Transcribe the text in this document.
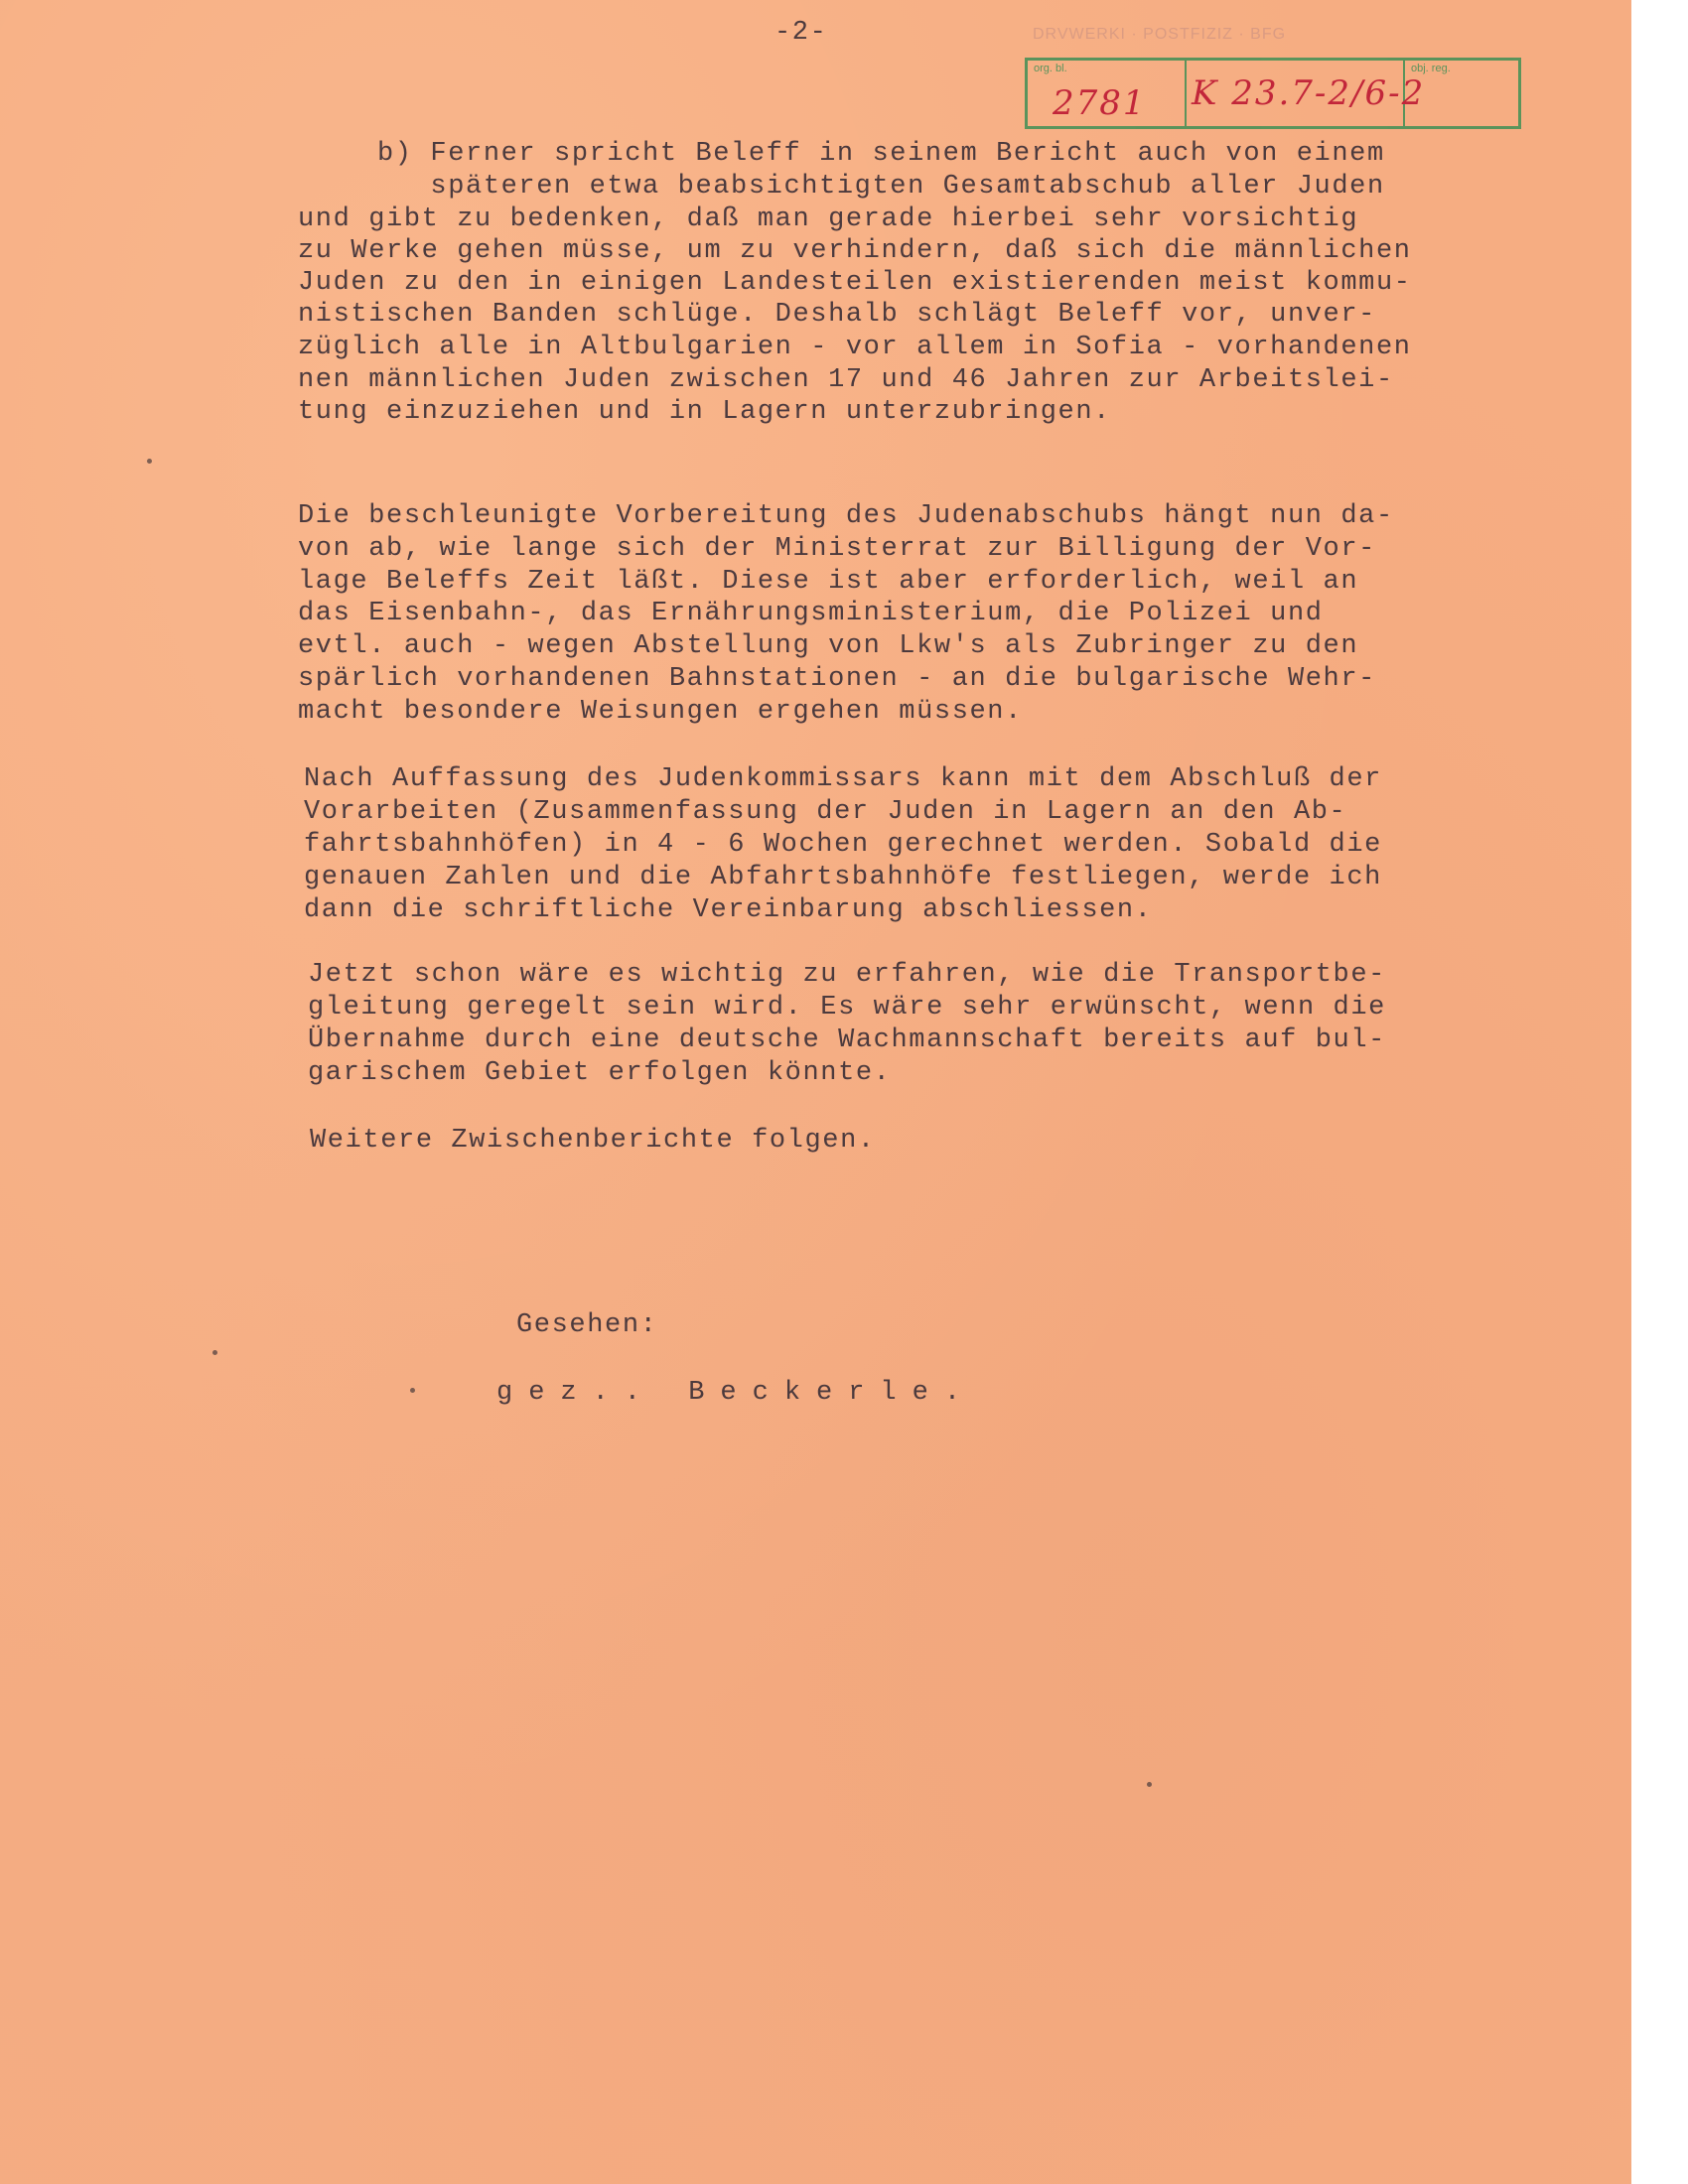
-2-	DRVWERKI · POSTFIZIZ · BFG
org. bl.	obj. reg.
2781 K 23.7-2/6-2
b) Ferner spricht Beleff in seinem Bericht auch von einem
späteren etwa beabsichtigten Gesamtabschub aller Juden
und gibt zu bedenken, daß man gerade hierbei sehr vorsichtig
zu Werke gehen müsse, um zu verhindern, daß sich die männlichen
Juden zu den in einigen Landesteilen existierenden meist kommu-
nistischen Banden schlüge. Deshalb schlägt Beleff vor, unver-
züglich alle in Altbulgarien - vor allem in Sofia - vorhandenen
nen männlichen Juden zwischen 17 und 46 Jahren zur Arbeitslei-
tung einzuziehen und in Lagern unterzubringen.
Die beschleunigte Vorbereitung des Judenabschubs hängt nun da-
von ab, wie lange sich der Ministerrat zur Billigung der Vor-
lage Beleffs Zeit läßt. Diese ist aber erforderlich, weil an
das Eisenbahn-, das Ernährungsministerium, die Polizei und
evtl. auch - wegen Abstellung von Lkw's als Zubringer zu den
spärlich vorhandenen Bahnstationen - an die bulgarische Wehr-
macht besondere Weisungen ergehen müssen.
Nach Auffassung des Judenkommissars kann mit dem Abschluß der
Vorarbeiten (Zusammenfassung der Juden in Lagern an den Ab-
fahrtsbahnhöfen) in 4 - 6 Wochen gerechnet werden. Sobald die
genauen Zahlen und die Abfahrtsbahnhöfe festliegen, werde ich
dann die schriftliche Vereinbarung abschliessen.
Jetzt schon wäre es wichtig zu erfahren, wie die Transportbe-
gleitung geregelt sein wird. Es wäre sehr erwünscht, wenn die
Übernahme durch eine deutsche Wachmannschaft bereits auf bul-
garischem Gebiet erfolgen könnte.
Weitere Zwischenberichte folgen.
Gesehen:
gez.. Beckerle.
